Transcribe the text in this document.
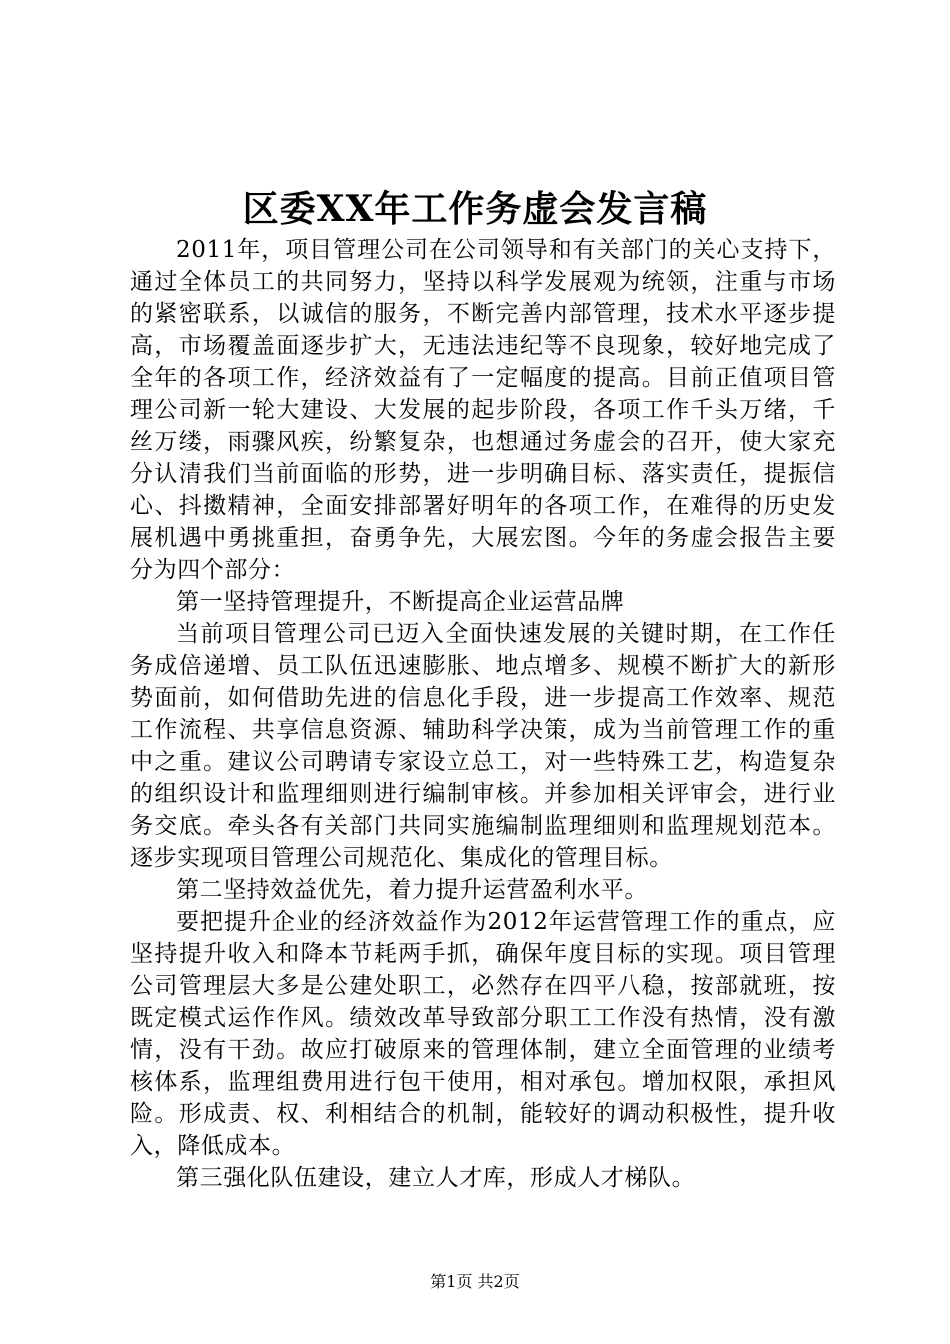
区委XX年工作务虚会发言稿

2011年，项目管理公司在公司领导和有关部门的关心支持下，通过全体员工的共同努力，坚持以科学发展观为统领，注重与市场的紧密联系，以诚信的服务，不断完善内部管理，技术水平逐步提高，市场覆盖面逐步扩大，无违法违纪等不良现象，较好地完成了全年的各项工作，经济效益有了一定幅度的提高。目前正值项目管理公司新一轮大建设、大发展的起步阶段，各项工作千头万绪，千丝万缕，雨骤风疾，纷繁复杂，也想通过务虚会的召开，使大家充分认清我们当前面临的形势，进一步明确目标、落实责任，提振信心、抖擞精神，全面安排部署好明年的各项工作，在难得的历史发展机遇中勇挑重担，奋勇争先，大展宏图。今年的务虚会报告主要分为四个部分：

第一坚持管理提升，不断提高企业运营品牌

当前项目管理公司已迈入全面快速发展的关键时期，在工作任务成倍递增、员工队伍迅速膨胀、地点增多、规模不断扩大的新形势面前，如何借助先进的信息化手段，进一步提高工作效率、规范工作流程、共享信息资源、辅助科学决策，成为当前管理工作的重中之重。建议公司聘请专家设立总工，对一些特殊工艺，构造复杂的组织设计和监理细则进行编制审核。并参加相关评审会，进行业务交底。牵头各有关部门共同实施编制监理细则和监理规划范本。逐步实现项目管理公司规范化、集成化的管理目标。

第二坚持效益优先，着力提升运营盈利水平。

要把提升企业的经济效益作为2012年运营管理工作的重点，应坚持提升收入和降本节耗两手抓，确保年度目标的实现。项目管理公司管理层大多是公建处职工，必然存在四平八稳，按部就班，按既定模式运作作风。绩效改革导致部分职工工作没有热情，没有激情，没有干劲。故应打破原来的管理体制，建立全面管理的业绩考核体系，监理组费用进行包干使用，相对承包。增加权限，承担风险。形成责、权、利相结合的机制，能较好的调动积极性，提升收入，降低成本。

第三强化队伍建设，建立人才库，形成人才梯队。

第1页 共2页
